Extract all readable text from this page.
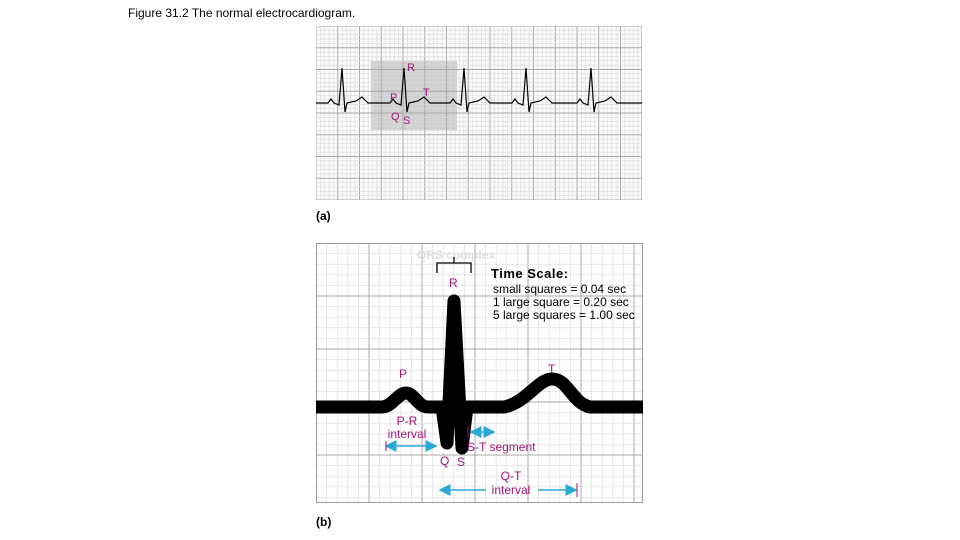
Figure 31.2 The normal electrocardiogram.
R
P T
Q S
(a)
QRS complex
R
P	T
Q S
P-R
interval
S-T segment
Q-T
interval
Time Scale:
small squares = 0.04 sec
1 large square = 0.20 sec
5 large squares = 1.00 sec
(b)
